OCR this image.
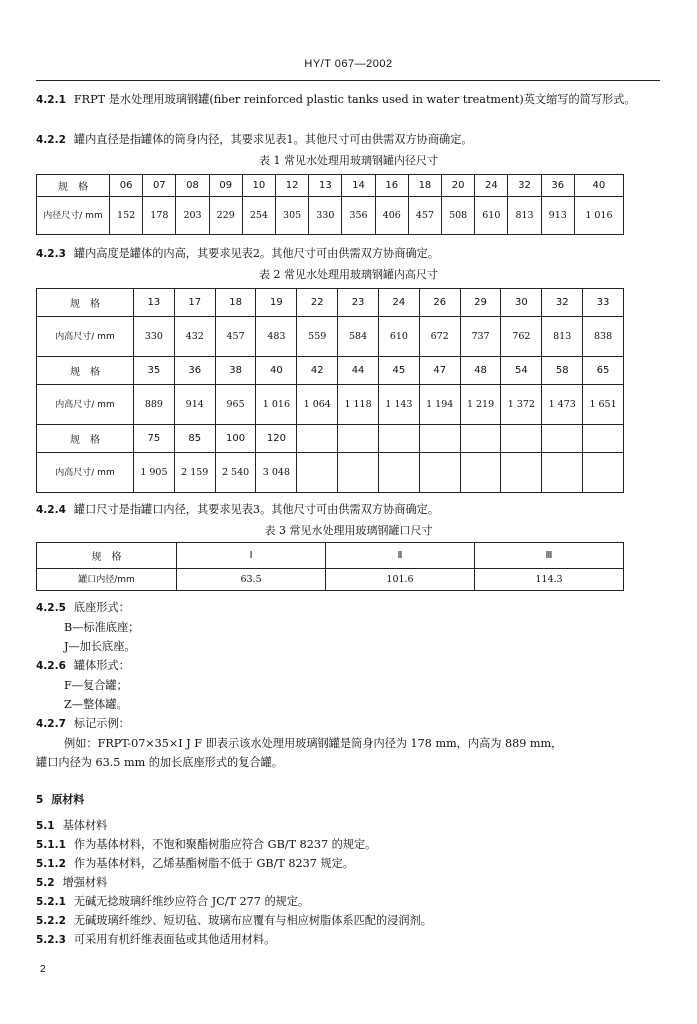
HY/T 067—2002
4.2.1 FRPT 是水处理用玻璃钢罐(fiber reinforced plastic tanks used in water treatment)英文缩写的简写形式。
4.2.2 罐内直径是指罐体的筒身内径，其要求见表1。其他尺寸可由供需双方协商确定。
表 1 常见水处理用玻璃钢罐内径尺寸
规　格	06	07	08	09	10	12	13	14	16	18	20	24	32	36	40
内径尺寸/ mm	152	178	203	229	254	305	330	356	406	457	508	610	813	913	1 016
4.2.3 罐内高度是罐体的内高，其要求见表2。其他尺寸可由供需双方协商确定。
表 2 常见水处理用玻璃钢罐内高尺寸
规　格	13	17	18	19	22	23	24	26	29	30	32	33
内高尺寸/ mm	330	432	457	483	559	584	610	672	737	762	813	838
规　格	35	36	38	40	42	44	45	47	48	54	58	65
内高尺寸/ mm	889	914	965	1 016	1 064	1 118	1 143	1 194	1 219	1 372	1 473	1 651
规　格	75	85	100	120								
内高尺寸/ mm	1 905	2 159	2 540	3 048								
4.2.4 罐口尺寸是指罐口内径，其要求见表3。其他尺寸可由供需双方协商确定。
表 3 常见水处理用玻璃钢罐口尺寸
规　格	Ⅰ	Ⅱ	Ⅲ
罐口内径/mm	63.5	101.6	114.3
4.2.5 底座形式：
B—标准底座；
J—加长底座。
4.2.6 罐体形式：
F—复合罐；
Z—整体罐。
4.2.7 标记示例：
例如：FRPT-07×35×Ⅰ J F 即表示该水处理用玻璃钢罐是筒身内径为 178 mm，内高为 889 mm，
罐口内径为 63.5 mm 的加长底座形式的复合罐。
5 原材料
5.1 基体材料
5.1.1 作为基体材料，不饱和聚酯树脂应符合 GB/T 8237 的规定。
5.1.2 作为基体材料，乙烯基酯树脂不低于 GB/T 8237 规定。
5.2 增强材料
5.2.1 无碱无捻玻璃纤维纱应符合 JC/T 277 的规定。
5.2.2 无碱玻璃纤维纱、短切毡、玻璃布应覆有与相应树脂体系匹配的浸润剂。
5.2.3 可采用有机纤维表面毡或其他适用材料。
2
